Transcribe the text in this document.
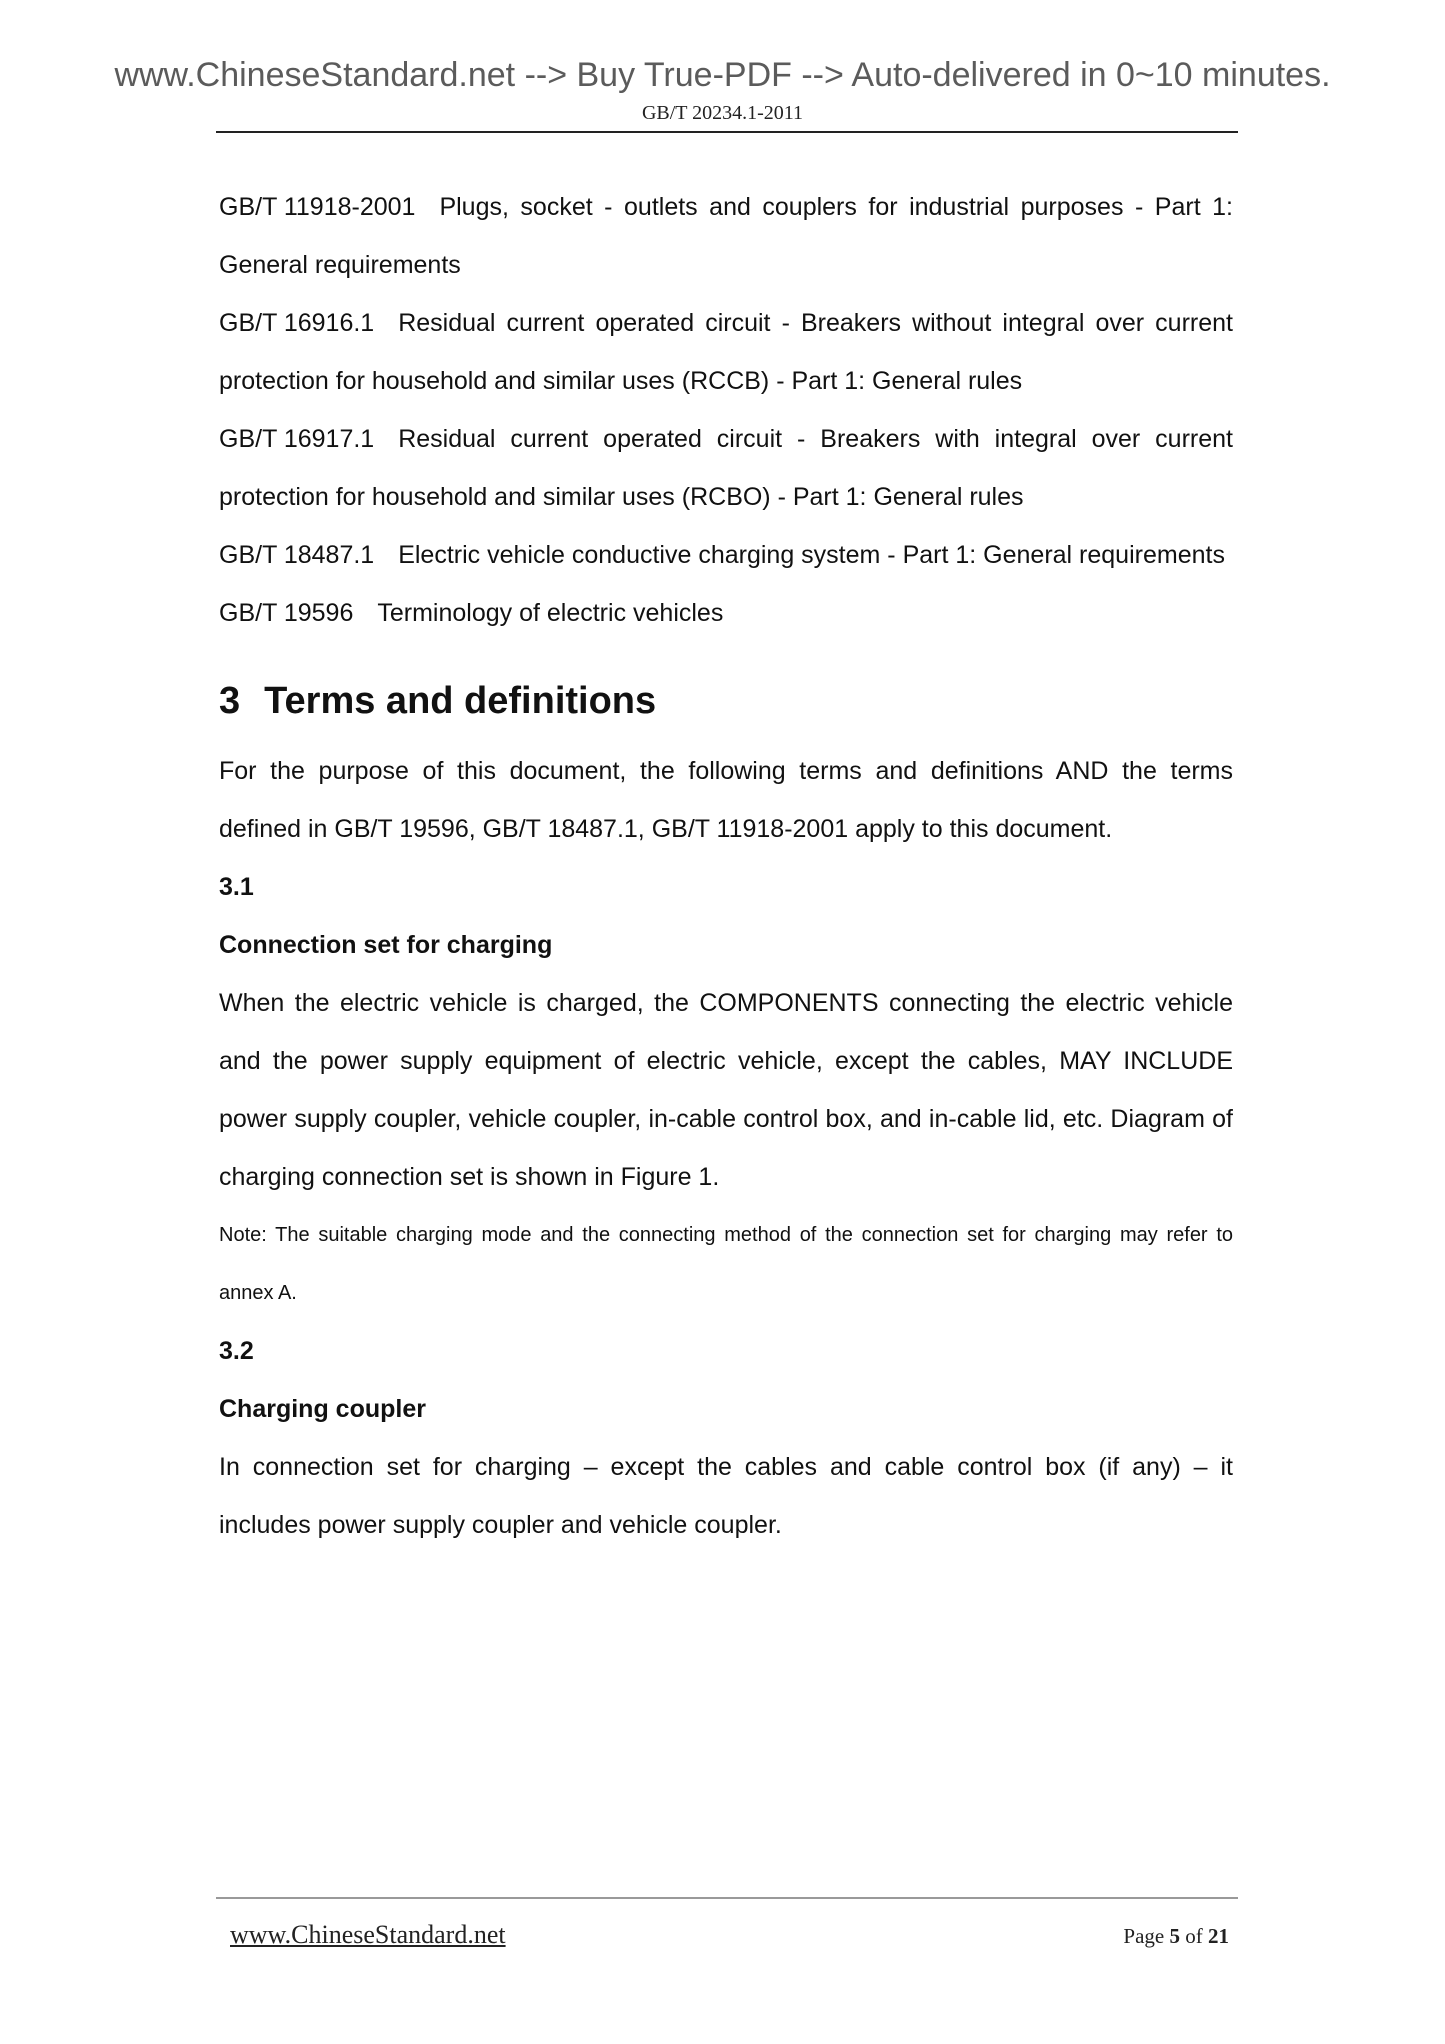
www.ChineseStandard.net --> Buy True-PDF --> Auto-delivered in 0~10 minutes.
GB/T 20234.1-2011

GB/T 11918-2001 Plugs, socket - outlets and couplers for industrial purposes - Part 1: General requirements

GB/T 16916.1 Residual current operated circuit - Breakers without integral over current protection for household and similar uses (RCCB) - Part 1: General rules

GB/T 16917.1 Residual current operated circuit - Breakers with integral over current protection for household and similar uses (RCBO) - Part 1: General rules

GB/T 18487.1 Electric vehicle conductive charging system - Part 1: General requirements

GB/T 19596 Terminology of electric vehicles

3 Terms and definitions

For the purpose of this document, the following terms and definitions AND the terms defined in GB/T 19596, GB/T 18487.1, GB/T 11918-2001 apply to this document.

3.1

Connection set for charging

When the electric vehicle is charged, the COMPONENTS connecting the electric vehicle and the power supply equipment of electric vehicle, except the cables, MAY INCLUDE power supply coupler, vehicle coupler, in-cable control box, and in-cable lid, etc. Diagram of charging connection set is shown in Figure 1.

Note: The suitable charging mode and the connecting method of the connection set for charging may refer to annex A.

3.2

Charging coupler

In connection set for charging – except the cables and cable control box (if any) – it includes power supply coupler and vehicle coupler.

www.ChineseStandard.net	Page 5 of 21
